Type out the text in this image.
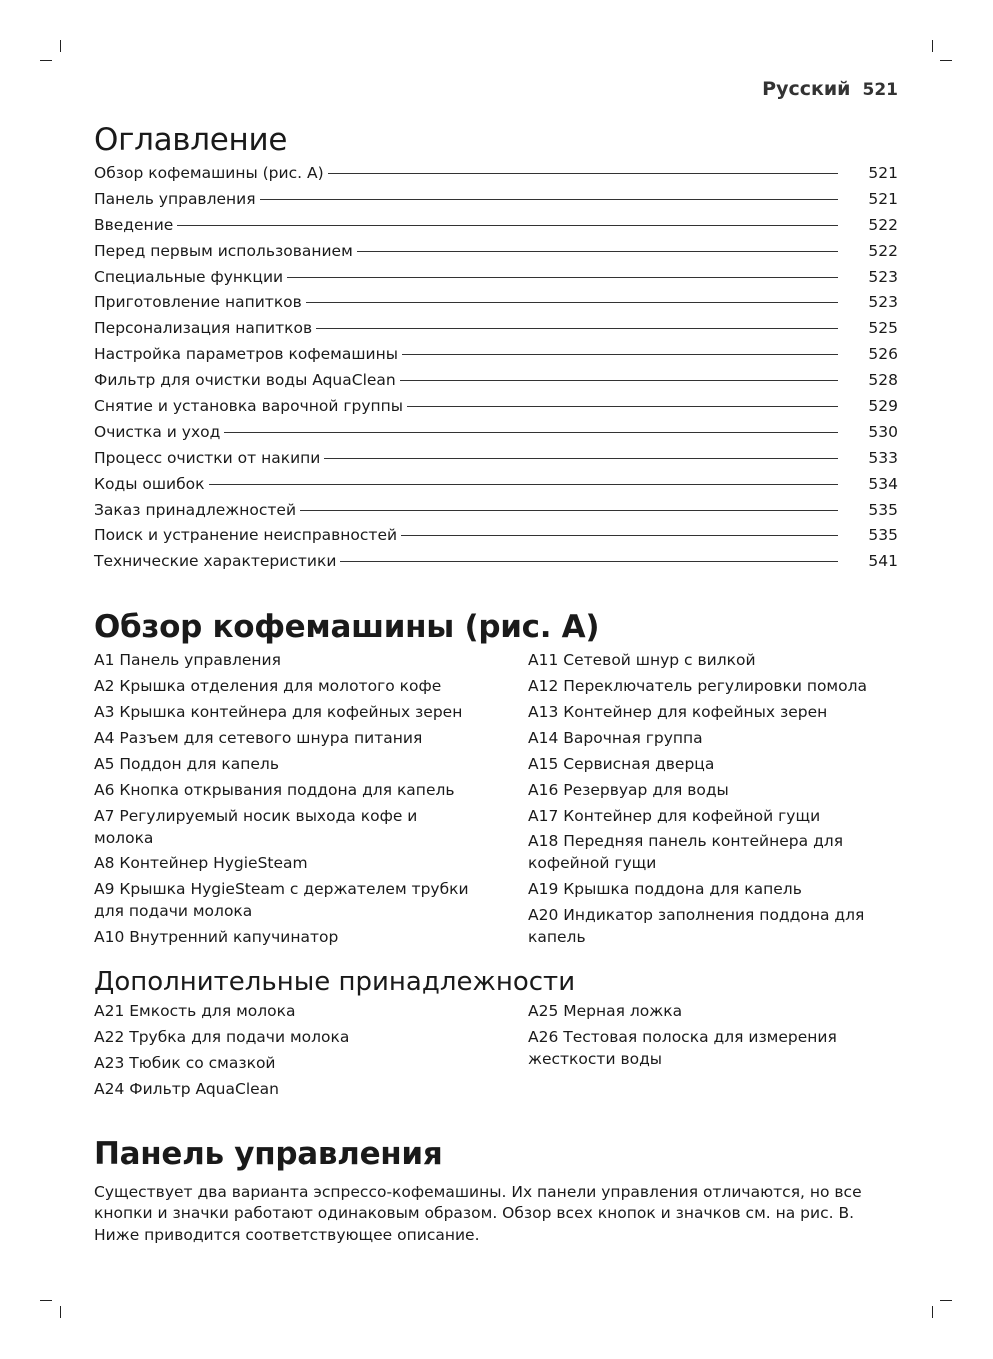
Русский 521
Оглавление
Обзор кофемашины (рис. A)	521
Панель управления	521
Введение	522
Перед первым использованием	522
Специальные функции	523
Приготовление напитков	523
Персонализация напитков	525
Настройка параметров кофемашины	526
Фильтр для очистки воды AquaClean	528
Снятие и установка варочной группы	529
Очистка и уход	530
Процесс очистки от накипи	533
Коды ошибок	534
Заказ принадлежностей	535
Поиск и устранение неисправностей	535
Технические характеристики	541
Обзор кофемашины (рис. A)
A1 Панель управления
A2 Крышка отделения для молотого кофе
A3 Крышка контейнера для кофейных зерен
A4 Разъем для сетевого шнура питания
A5 Поддон для капель
A6 Кнопка открывания поддона для капель
A7 Регулируемый носик выхода кофе и молока
A8 Контейнер HygieSteam
A9 Крышка HygieSteam с держателем трубки для подачи молока
A10 Внутренний капучинатор
A11 Сетевой шнур с вилкой
A12 Переключатель регулировки помола
A13 Контейнер для кофейных зерен
A14 Варочная группа
A15 Сервисная дверца
A16 Резервуар для воды
A17 Контейнер для кофейной гущи
A18 Передняя панель контейнера для кофейной гущи
A19 Крышка поддона для капель
A20 Индикатор заполнения поддона для капель
Дополнительные принадлежности
A21 Емкость для молока
A22 Трубка для подачи молока
A23 Тюбик со смазкой
A24 Фильтр AquaClean
A25 Мерная ложка
A26 Тестовая полоска для измерения жесткости воды
Панель управления

Существует два варианта эспрессо-кофемашины. Их панели управления отличаются, но все кнопки и значки работают одинаковым образом. Обзор всех кнопок и значков см. на рис. B. Ниже приводится соответствующее описание.
